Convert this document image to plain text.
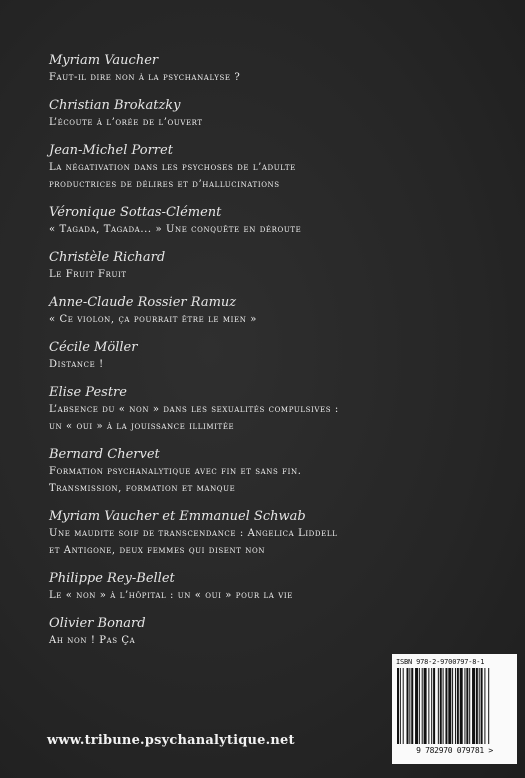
Myriam Vaucher
Faut-il dire non à la psychanalyse ?
Christian Brokatzky
L’écoute à l’orée de l’ouvert
Jean-Michel Porret
La négativation dans les psychoses de l’adulte
productrices de délires et d’hallucinations
Véronique Sottas-Clément
« Tagada, Tagada... » Une conquête en déroute
Christèle Richard
Le Fruit Fruit
Anne-Claude Rossier Ramuz
« Ce violon, ça pourrait être le mien »
Cécile Möller
Distance !
Elise Pestre
L’absence du « non » dans les sexualités compulsives :
un « oui » à la jouissance illimitée
Bernard Chervet
Formation psychanalytique avec fin et sans fin.
Transmission, formation et manque
Myriam Vaucher et Emmanuel Schwab
Une maudite soif de transcendance : Angelica Liddell
et Antigone, deux femmes qui disent non
Philippe Rey-Bellet
Le « non » à l’hôpital : un « oui » pour la vie
Olivier Bonard
Ah non ! Pas Ça
ISBN 978-2-9700797-8-1
9 782970 079781 >
www.tribune.psychanalytique.net
